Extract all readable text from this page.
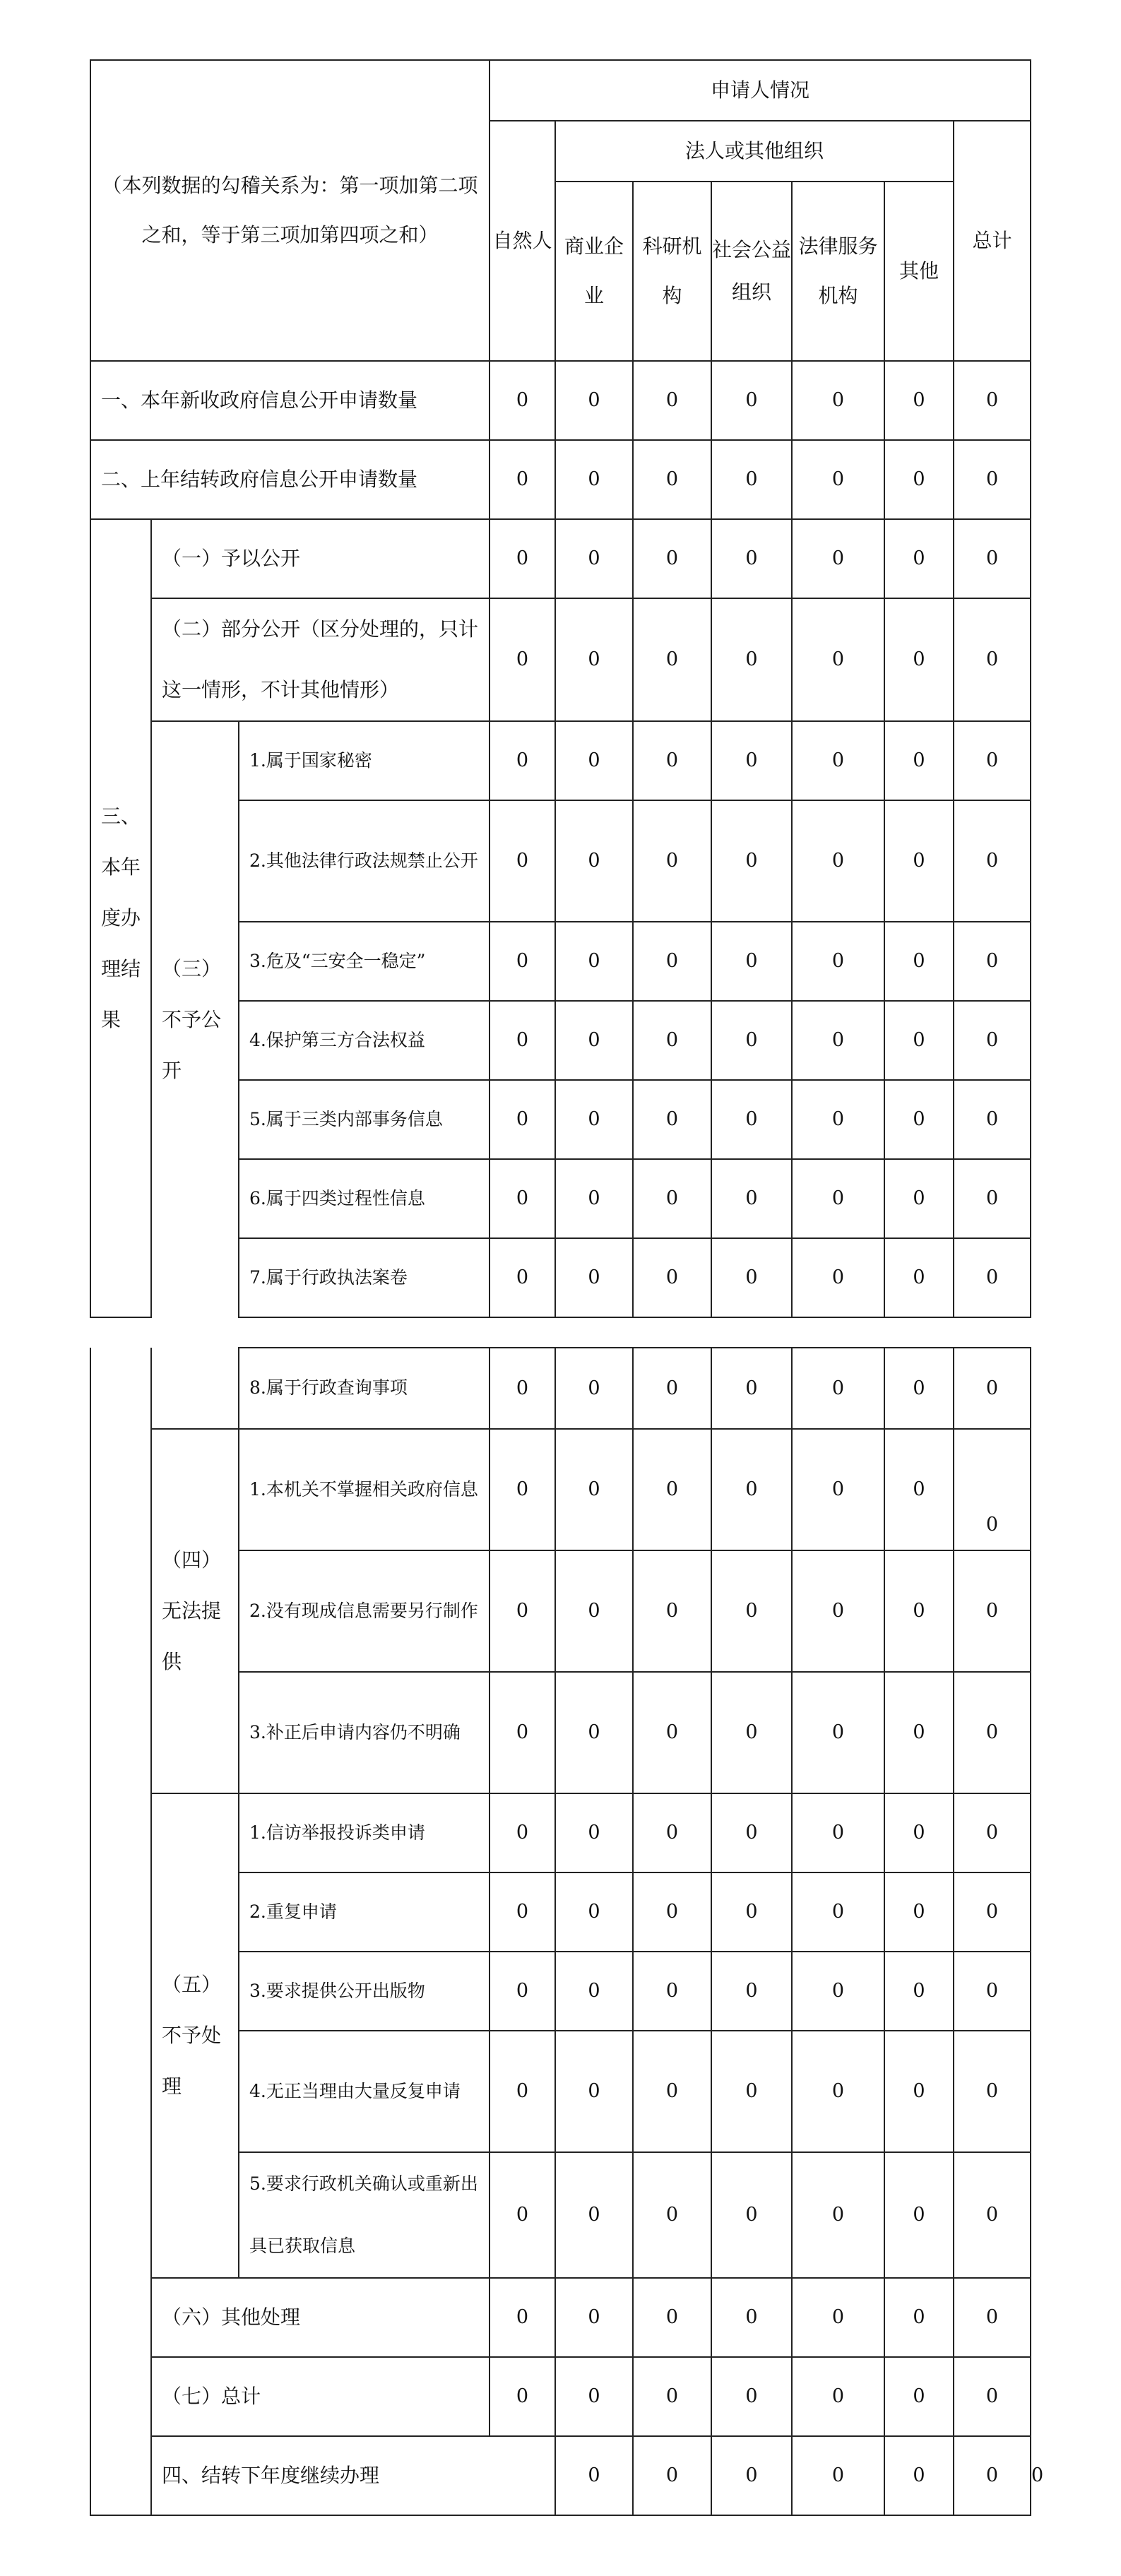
（本列数据的勾稽关系为：第一项加第二项之和，等于第三项加第四项之和）			申请人情况						
			自然人	法人或其他组织					总计
				商业企业	科研机构	社会公益组织	法律服务机构	其他	
一、本年新收政府信息公开申请数量			0	0	0	0	0	0	0
二、上年结转政府信息公开申请数量			0	0	0	0	0	0	0
三、本年度办理结果	（一）予以公开		0	0	0	0	0	0	0
	（二）部分公开（区分处理的，只计这一情形，不计其他情形）		0	0	0	0	0	0	0
	（三）不予公开	1.属于国家秘密	0	0	0	0	0	0	0
		2.其他法律行政法规禁止公开	0	0	0	0	0	0	0
		3.危及“三安全一稳定”	0	0	0	0	0	0	0
		4.保护第三方合法权益	0	0	0	0	0	0	0
		5.属于三类内部事务信息	0	0	0	0	0	0	0
		6.属于四类过程性信息	0	0	0	0	0	0	0
		7.属于行政执法案卷	0	0	0	0	0	0	0
		8.属于行政查询事项	0	0	0	0	0	0	0	
	（四）无法提供	1.本机关不掌握相关政府信息	0	0	0	0	0	0	0	
		2.没有现成信息需要另行制作	0	0	0	0	0	0	0	
		3.补正后申请内容仍不明确	0	0	0	0	0	0	0	
	（五）不予处理	1.信访举报投诉类申请	0	0	0	0	0	0	0	
		2.重复申请	0	0	0	0	0	0	0	
		3.要求提供公开出版物	0	0	0	0	0	0	0	
		4.无正当理由大量反复申请	0	0	0	0	0	0	0	
		5.要求行政机关确认或重新出具已获取信息	0	0	0	0	0	0	0	
	（六）其他处理		0	0	0	0	0	0	0	
	（七）总计		0	0	0	0	0	0	0	
	四、结转下年度继续办理			0	0	0	0	0	0	0
